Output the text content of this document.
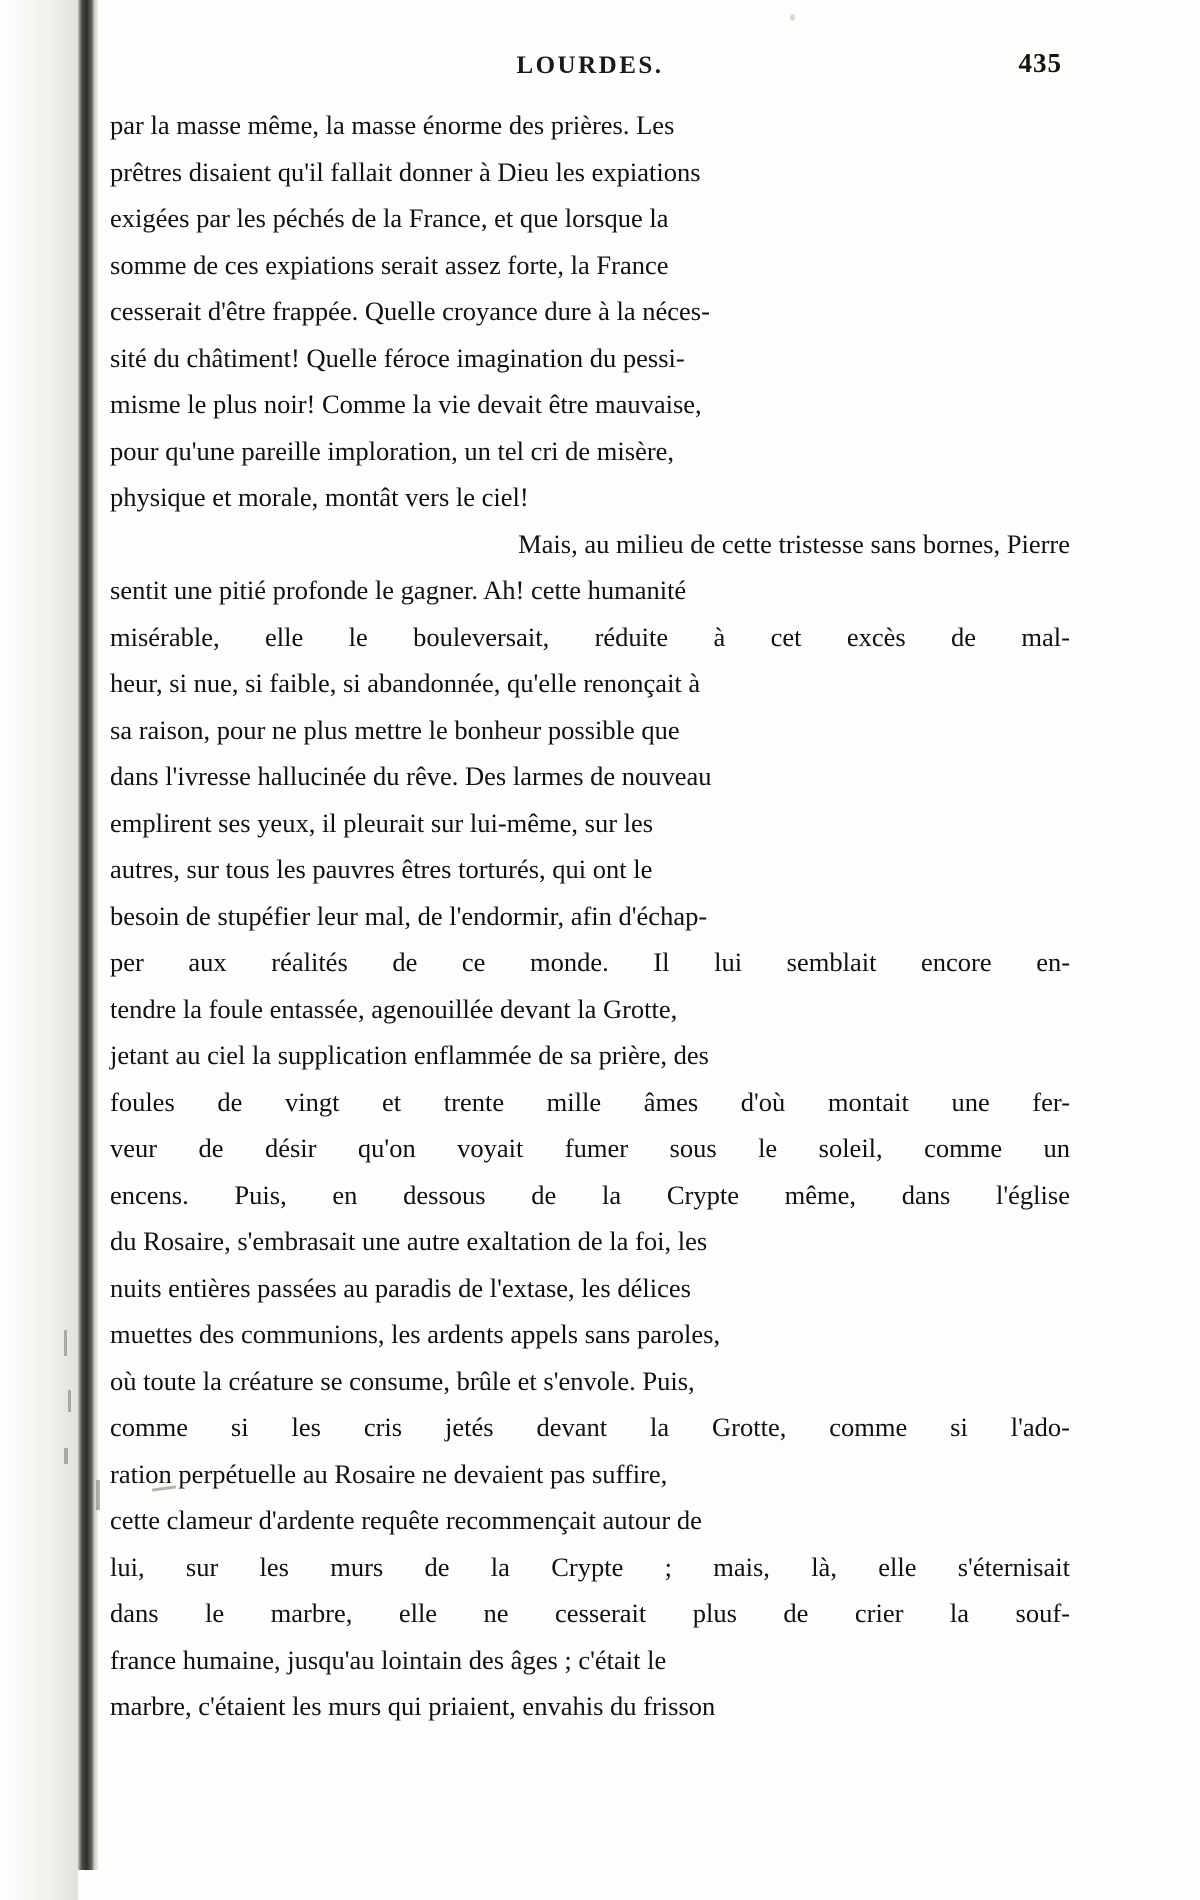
LOURDES.	435

par la masse même, la masse énorme des prières. Les
prêtres disaient qu'il fallait donner à Dieu les expiations
exigées par les péchés de la France, et que lorsque la
somme de ces expiations serait assez forte, la France
cesserait d'être frappée. Quelle croyance dure à la néces-
sité du châtiment! Quelle féroce imagination du pessi-
misme le plus noir! Comme la vie devait être mauvaise,
pour qu'une pareille imploration, un tel cri de misère,
physique et morale, montât vers le ciel!

Mais, au milieu de cette tristesse sans bornes, Pierre
sentit une pitié profonde le gagner. Ah! cette humanité
misérable, elle le bouleversait, réduite à cet excès de mal-
heur, si nue, si faible, si abandonnée, qu'elle renonçait à
sa raison, pour ne plus mettre le bonheur possible que
dans l'ivresse hallucinée du rêve. Des larmes de nouveau
emplirent ses yeux, il pleurait sur lui-même, sur les
autres, sur tous les pauvres êtres torturés, qui ont le
besoin de stupéfier leur mal, de l'endormir, afin d'échap-
per aux réalités de ce monde. Il lui semblait encore en-
tendre la foule entassée, agenouillée devant la Grotte,
jetant au ciel la supplication enflammée de sa prière, des
foules de vingt et trente mille âmes d'où montait une fer-
veur de désir qu'on voyait fumer sous le soleil, comme un
encens. Puis, en dessous de la Crypte même, dans l'église
du Rosaire, s'embrasait une autre exaltation de la foi, les
nuits entières passées au paradis de l'extase, les délices
muettes des communions, les ardents appels sans paroles,
où toute la créature se consume, brûle et s'envole. Puis,
comme si les cris jetés devant la Grotte, comme si l'ado-
ration perpétuelle au Rosaire ne devaient pas suffire,
cette clameur d'ardente requête recommençait autour de
lui, sur les murs de la Crypte ; mais, là, elle s'éternisait
dans le marbre, elle ne cesserait plus de crier la souf-
france humaine, jusqu'au lointain des âges ; c'était le
marbre, c'étaient les murs qui priaient, envahis du frisson
